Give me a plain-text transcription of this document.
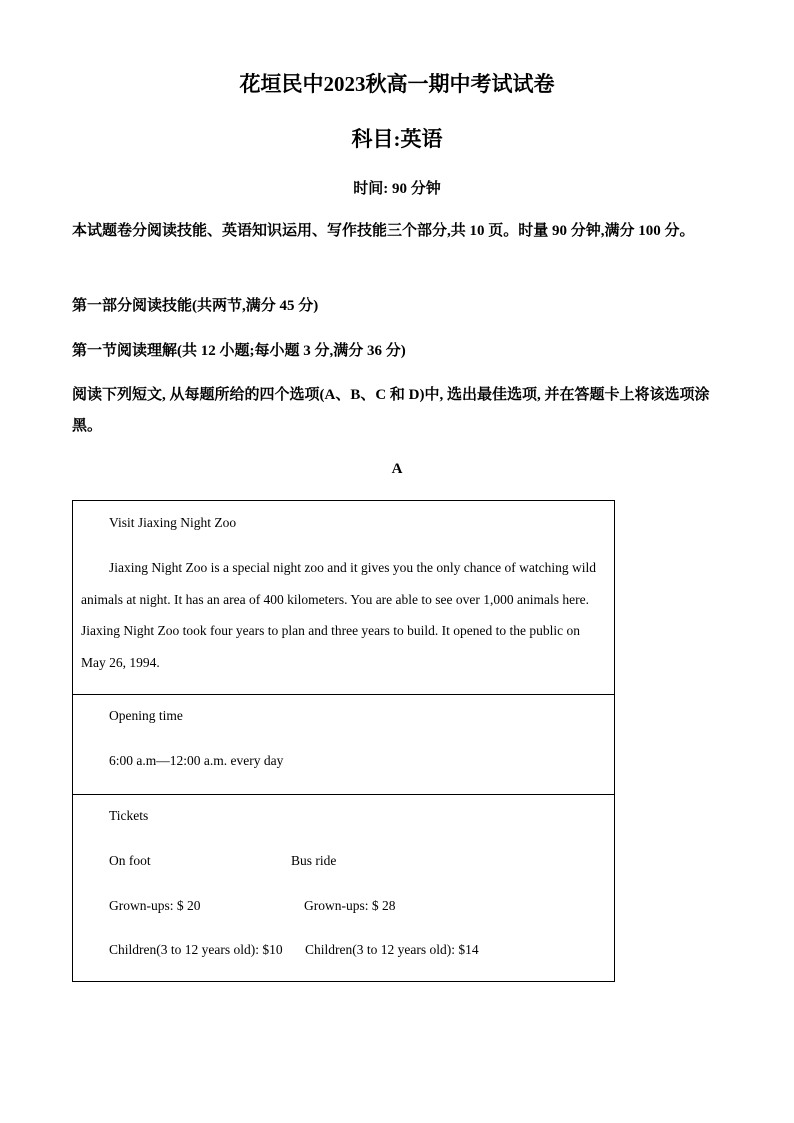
花垣民中2023秋高一期中考试试卷
科目:英语
时间: 90 分钟

本试题卷分阅读技能、英语知识运用、写作技能三个部分,共 10 页。时量 90 分钟,满分 100 分。

第一部分阅读技能(共两节,满分 45 分)

第一节阅读理解(共 12 小题;每小题 3 分,满分 36 分)

阅读下列短文, 从每题所给的四个选项(A、B、C 和 D)中, 选出最佳选项, 并在答题卡上将该选项涂黑。

A
Visit Jiaxing Night Zoo
Jiaxing Night Zoo is a special night zoo and it gives you the only chance of watching wild animals at night. It has an area of 400 kilometers. You are able to see over 1,000 animals here. Jiaxing Night Zoo took four years to plan and three years to build. It opened to the public on May 26, 1994.
Opening time
6:00 a.m—12:00 a.m. every day
Tickets
On foot	Bus ride
Grown-ups: $ 20	Grown-ups: $ 28
Children(3 to 12 years old): $10 Children(3 to 12 years old): $14
